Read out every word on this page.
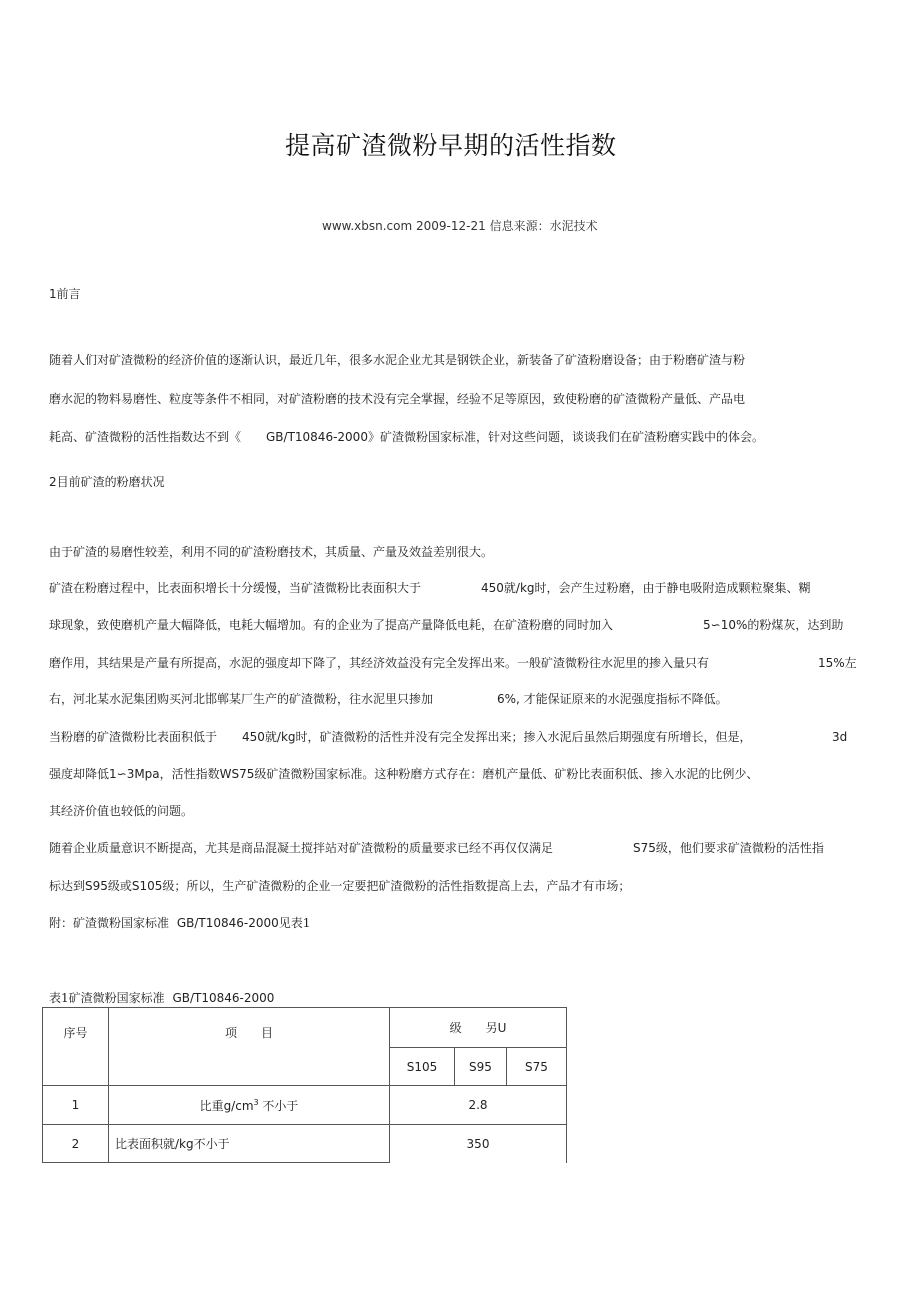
提高矿渣微粉早期的活性指数
www.xbsn.com 2009-12-21 信息来源：水泥技术
1前言
随着人们对矿渣微粉的经济价值的逐渐认识，最近几年，很多水泥企业尤其是钢铁企业，新装备了矿渣粉磨设备；由于粉磨矿渣与粉
磨水泥的物料易磨性、粒度等条件不相同，对矿渣粉磨的技术没有完全掌握，经验不足等原因，致使粉磨的矿渣微粉产量低、产品电
耗高、矿渣微粉的活性指数达不到《 GB/T10846-2000》矿渣微粉国家标准，针对这些问题，谈谈我们在矿渣粉磨实践中的体会。
2目前矿渣的粉磨状况
由于矿渣的易磨性较差，利用不同的矿渣粉磨技术，其质量、产量及效益差别很大。
矿渣在粉磨过程中，比表面积增长十分缓慢，当矿渣微粉比表面积大于	450就/kg时，会产生过粉磨，由于静电吸附造成颗粒聚集、糊
球现象，致使磨机产量大幅降低，电耗大幅增加。有的企业为了提高产量降低电耗，在矿渣粉磨的同时加入	5∽10%的粉煤灰，达到助
磨作用，其结果是产量有所提高，水泥的强度却下降了，其经济效益没有完全发挥出来。一般矿渣微粉往水泥里的掺入量只有	15%左
右，河北某水泥集团购买河北邯郸某厂生产的矿渣微粉，往水泥里只掺加	6%, 才能保证原来的水泥强度指标不降低。
当粉磨的矿渣微粉比表面积低于 450就/kg时，矿渣微粉的活性并没有完全发挥出来；掺入水泥后虽然后期强度有所增长，但是，	3d
强度却降低1∽3Mpa，活性指数WS75级矿渣微粉国家标准。这种粉磨方式存在：磨机产量低、矿粉比表面积低、掺入水泥的比例少、
其经济价值也较低的问题。
随着企业质量意识不断提高，尤其是商品混凝土搅拌站对矿渣微粉的质量要求已经不再仅仅满足	S75级，他们要求矿渣微粉的活性指
标达到S95级或S105级；所以，生产矿渣微粉的企业一定要把矿渣微粉的活性指数提高上去，产品才有市场；
附：矿渣微粉国家标准 GB/T10846-2000见表1
表1矿渣微粉国家标准 GB/T10846-2000
序号	项　　目	级　　另U		
		S105	S95	S75
1	比重$g/cm^3$ 不小于	2.8		
2	比表面积就/kg不小于	350		
